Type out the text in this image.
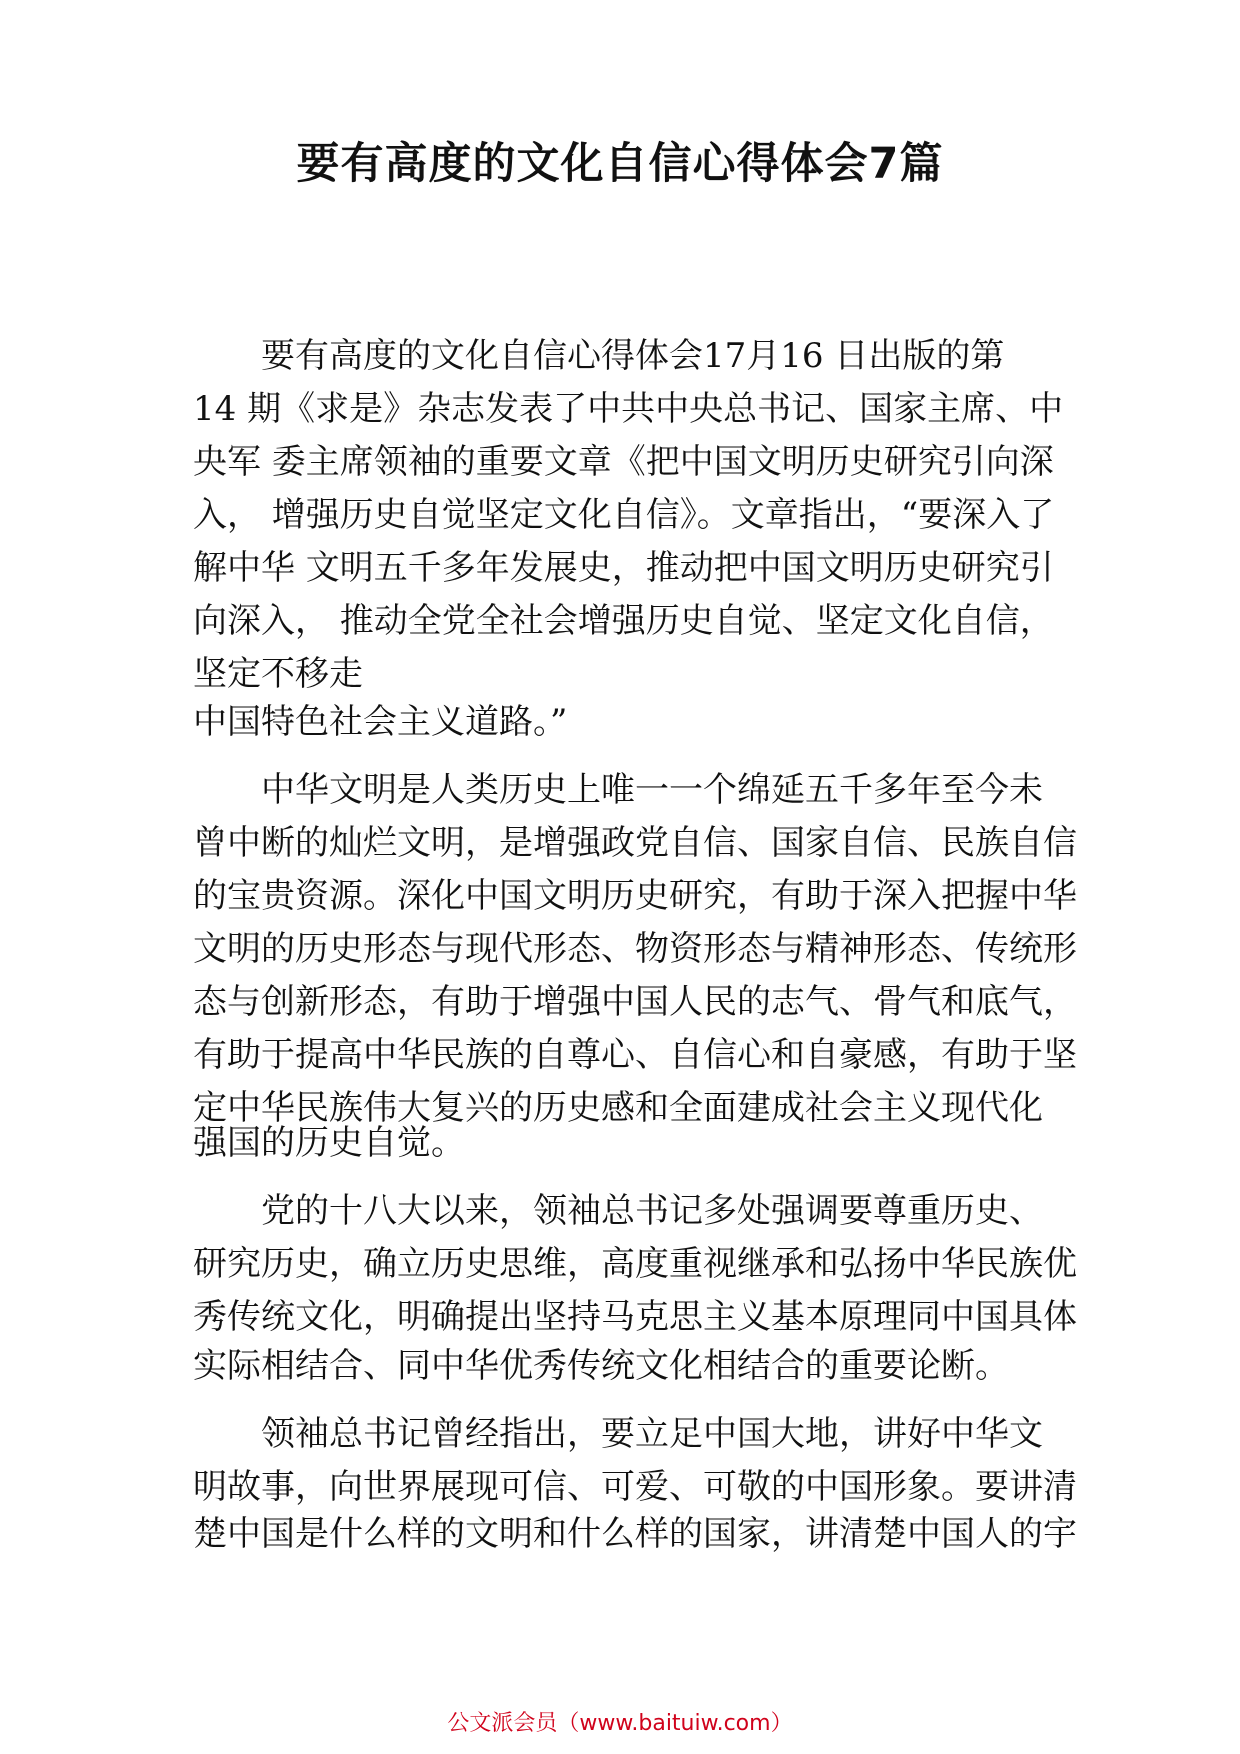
要有高度的文化自信心得体会7篇
要有高度的文化自信心得体会17月16 日出版的第
14 期《求是》杂志发表了中共中央总书记、国家主席、中
央军 委主席领袖的重要文章《把中国文明历史研究引向深
入， 增强历史自觉坚定文化自信》。文章指出，“要深入了
解中华 文明五千多年发展史，推动把中国文明历史研究引
向深入， 推动全党全社会增强历史自觉、坚定文化自信，
坚定不移走
中国特色社会主义道路。”
中华文明是人类历史上唯一一个绵延五千多年至今未
曾中断的灿烂文明，是增强政党自信、国家自信、民族自信
的宝贵资源。深化中国文明历史研究，有助于深入把握中华
文明的历史形态与现代形态、物资形态与精神形态、传统形
态与创新形态，有助于增强中国人民的志气、骨气和底气，
有助于提高中华民族的自尊心、自信心和自豪感，有助于坚
定中华民族伟大复兴的历史感和全面建成社会主义现代化
强国的历史自觉。
党的十八大以来，领袖总书记多处强调要尊重历史、
研究历史，确立历史思维，高度重视继承和弘扬中华民族优
秀传统文化，明确提出坚持马克思主义基本原理同中国具体
实际相结合、同中华优秀传统文化相结合的重要论断。
领袖总书记曾经指出，要立足中国大地，讲好中华文
明故事，向世界展现可信、可爱、可敬的中国形象。要讲清
楚中国是什么样的文明和什么样的国家，讲清楚中国人的宇
公文派会员（www.baituiw.com）
